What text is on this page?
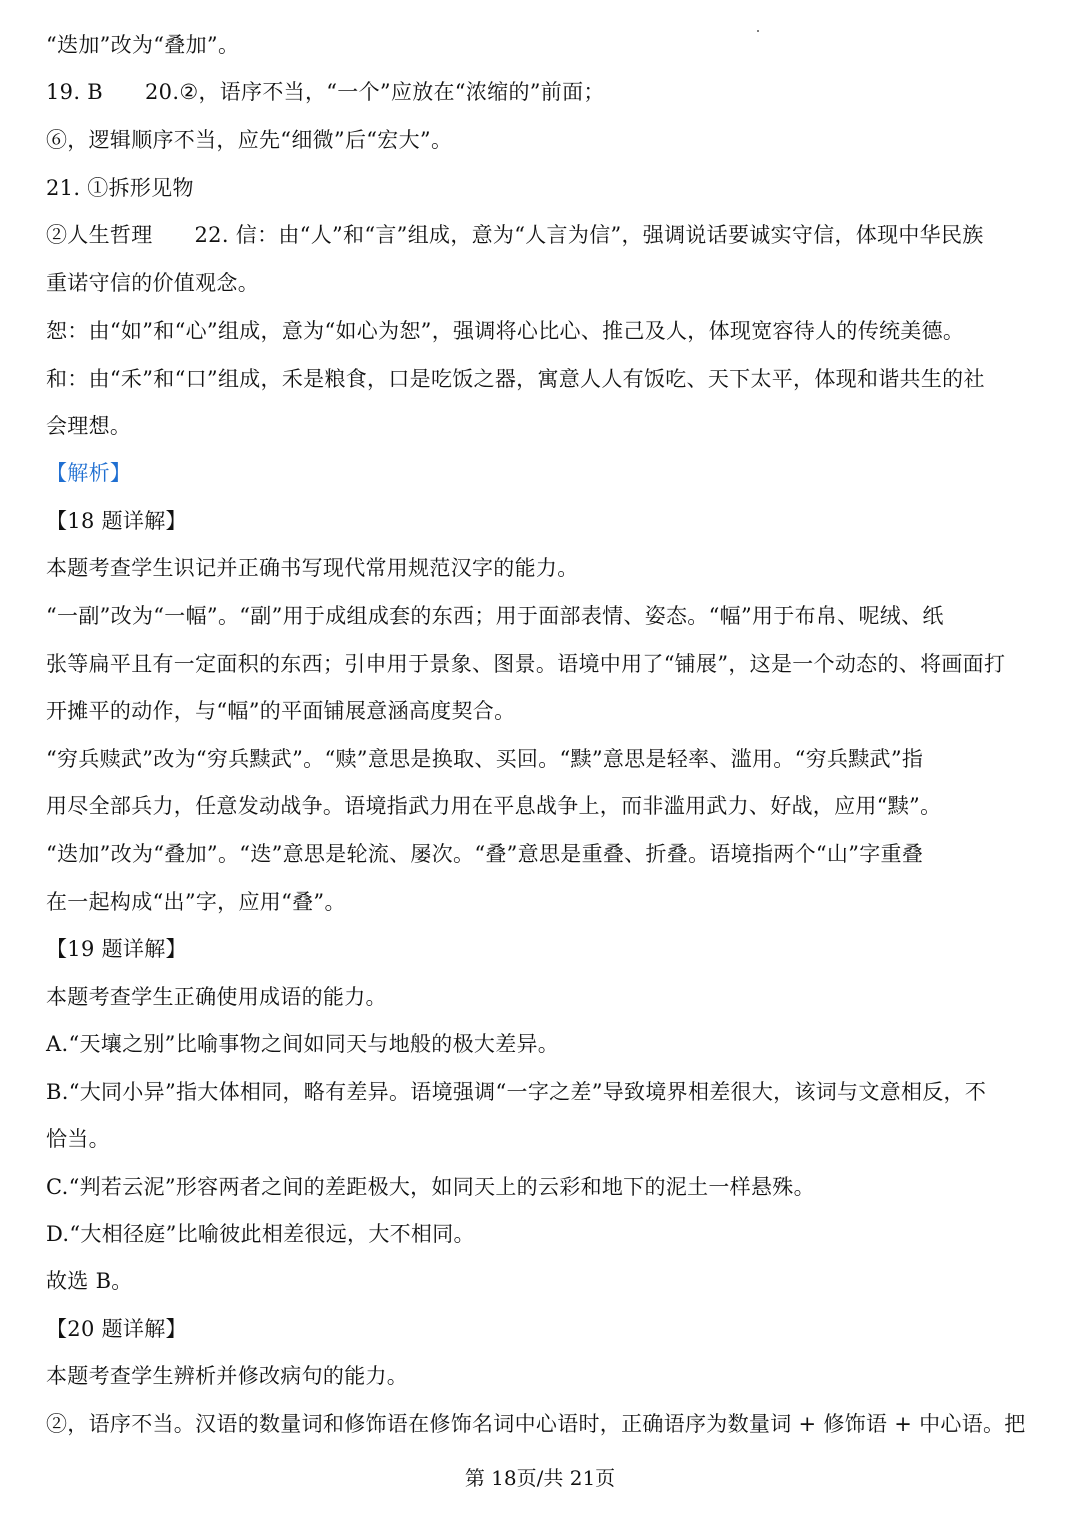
“迭加”改为“叠加”。
19. B 20.②，语序不当，“一个”应放在“浓缩的”前面；
⑥，逻辑顺序不当，应先“细微”后“宏大”。
21. ①拆形见物
②人生哲理 22. 信：由“人”和“言”组成，意为“人言为信”，强调说话要诚实守信，体现中华民族
重诺守信的价值观念。
恕：由“如”和“心”组成，意为“如心为恕”，强调将心比心、推己及人，体现宽容待人的传统美德。
和：由“禾”和“口”组成，禾是粮食，口是吃饭之器，寓意人人有饭吃、天下太平，体现和谐共生的社
会理想。
【解析】
【18 题详解】
本题考查学生识记并正确书写现代常用规范汉字的能力。
“一副”改为“一幅”。“副”用于成组成套的东西；用于面部表情、姿态。“幅”用于布帛、呢绒、纸
张等扁平且有一定面积的东西；引申用于景象、图景。语境中用了“铺展”，这是一个动态的、将画面打
开摊平的动作，与“幅”的平面铺展意涵高度契合。
“穷兵赎武”改为“穷兵黩武”。“赎”意思是换取、买回。“黩”意思是轻率、滥用。“穷兵黩武”指
用尽全部兵力，任意发动战争。语境指武力用在平息战争上，而非滥用武力、好战，应用“黩”。
“迭加”改为“叠加”。“迭”意思是轮流、屡次。“叠”意思是重叠、折叠。语境指两个“山”字重叠
在一起构成“出”字，应用“叠”。
【19 题详解】
本题考查学生正确使用成语的能力。
A.“天壤之别”比喻事物之间如同天与地般的极大差异。
B.“大同小异”指大体相同，略有差异。语境强调“一字之差”导致境界相差很大，该词与文意相反，不
恰当。
C.“判若云泥”形容两者之间的差距极大，如同天上的云彩和地下的泥土一样悬殊。
D.“大相径庭”比喻彼此相差很远，大不相同。
故选 B。
【20 题详解】
本题考查学生辨析并修改病句的能力。
②，语序不当。汉语的数量词和修饰语在修饰名词中心语时，正确语序为数量词 + 修饰语 + 中心语。把
第 18页/共 21页
